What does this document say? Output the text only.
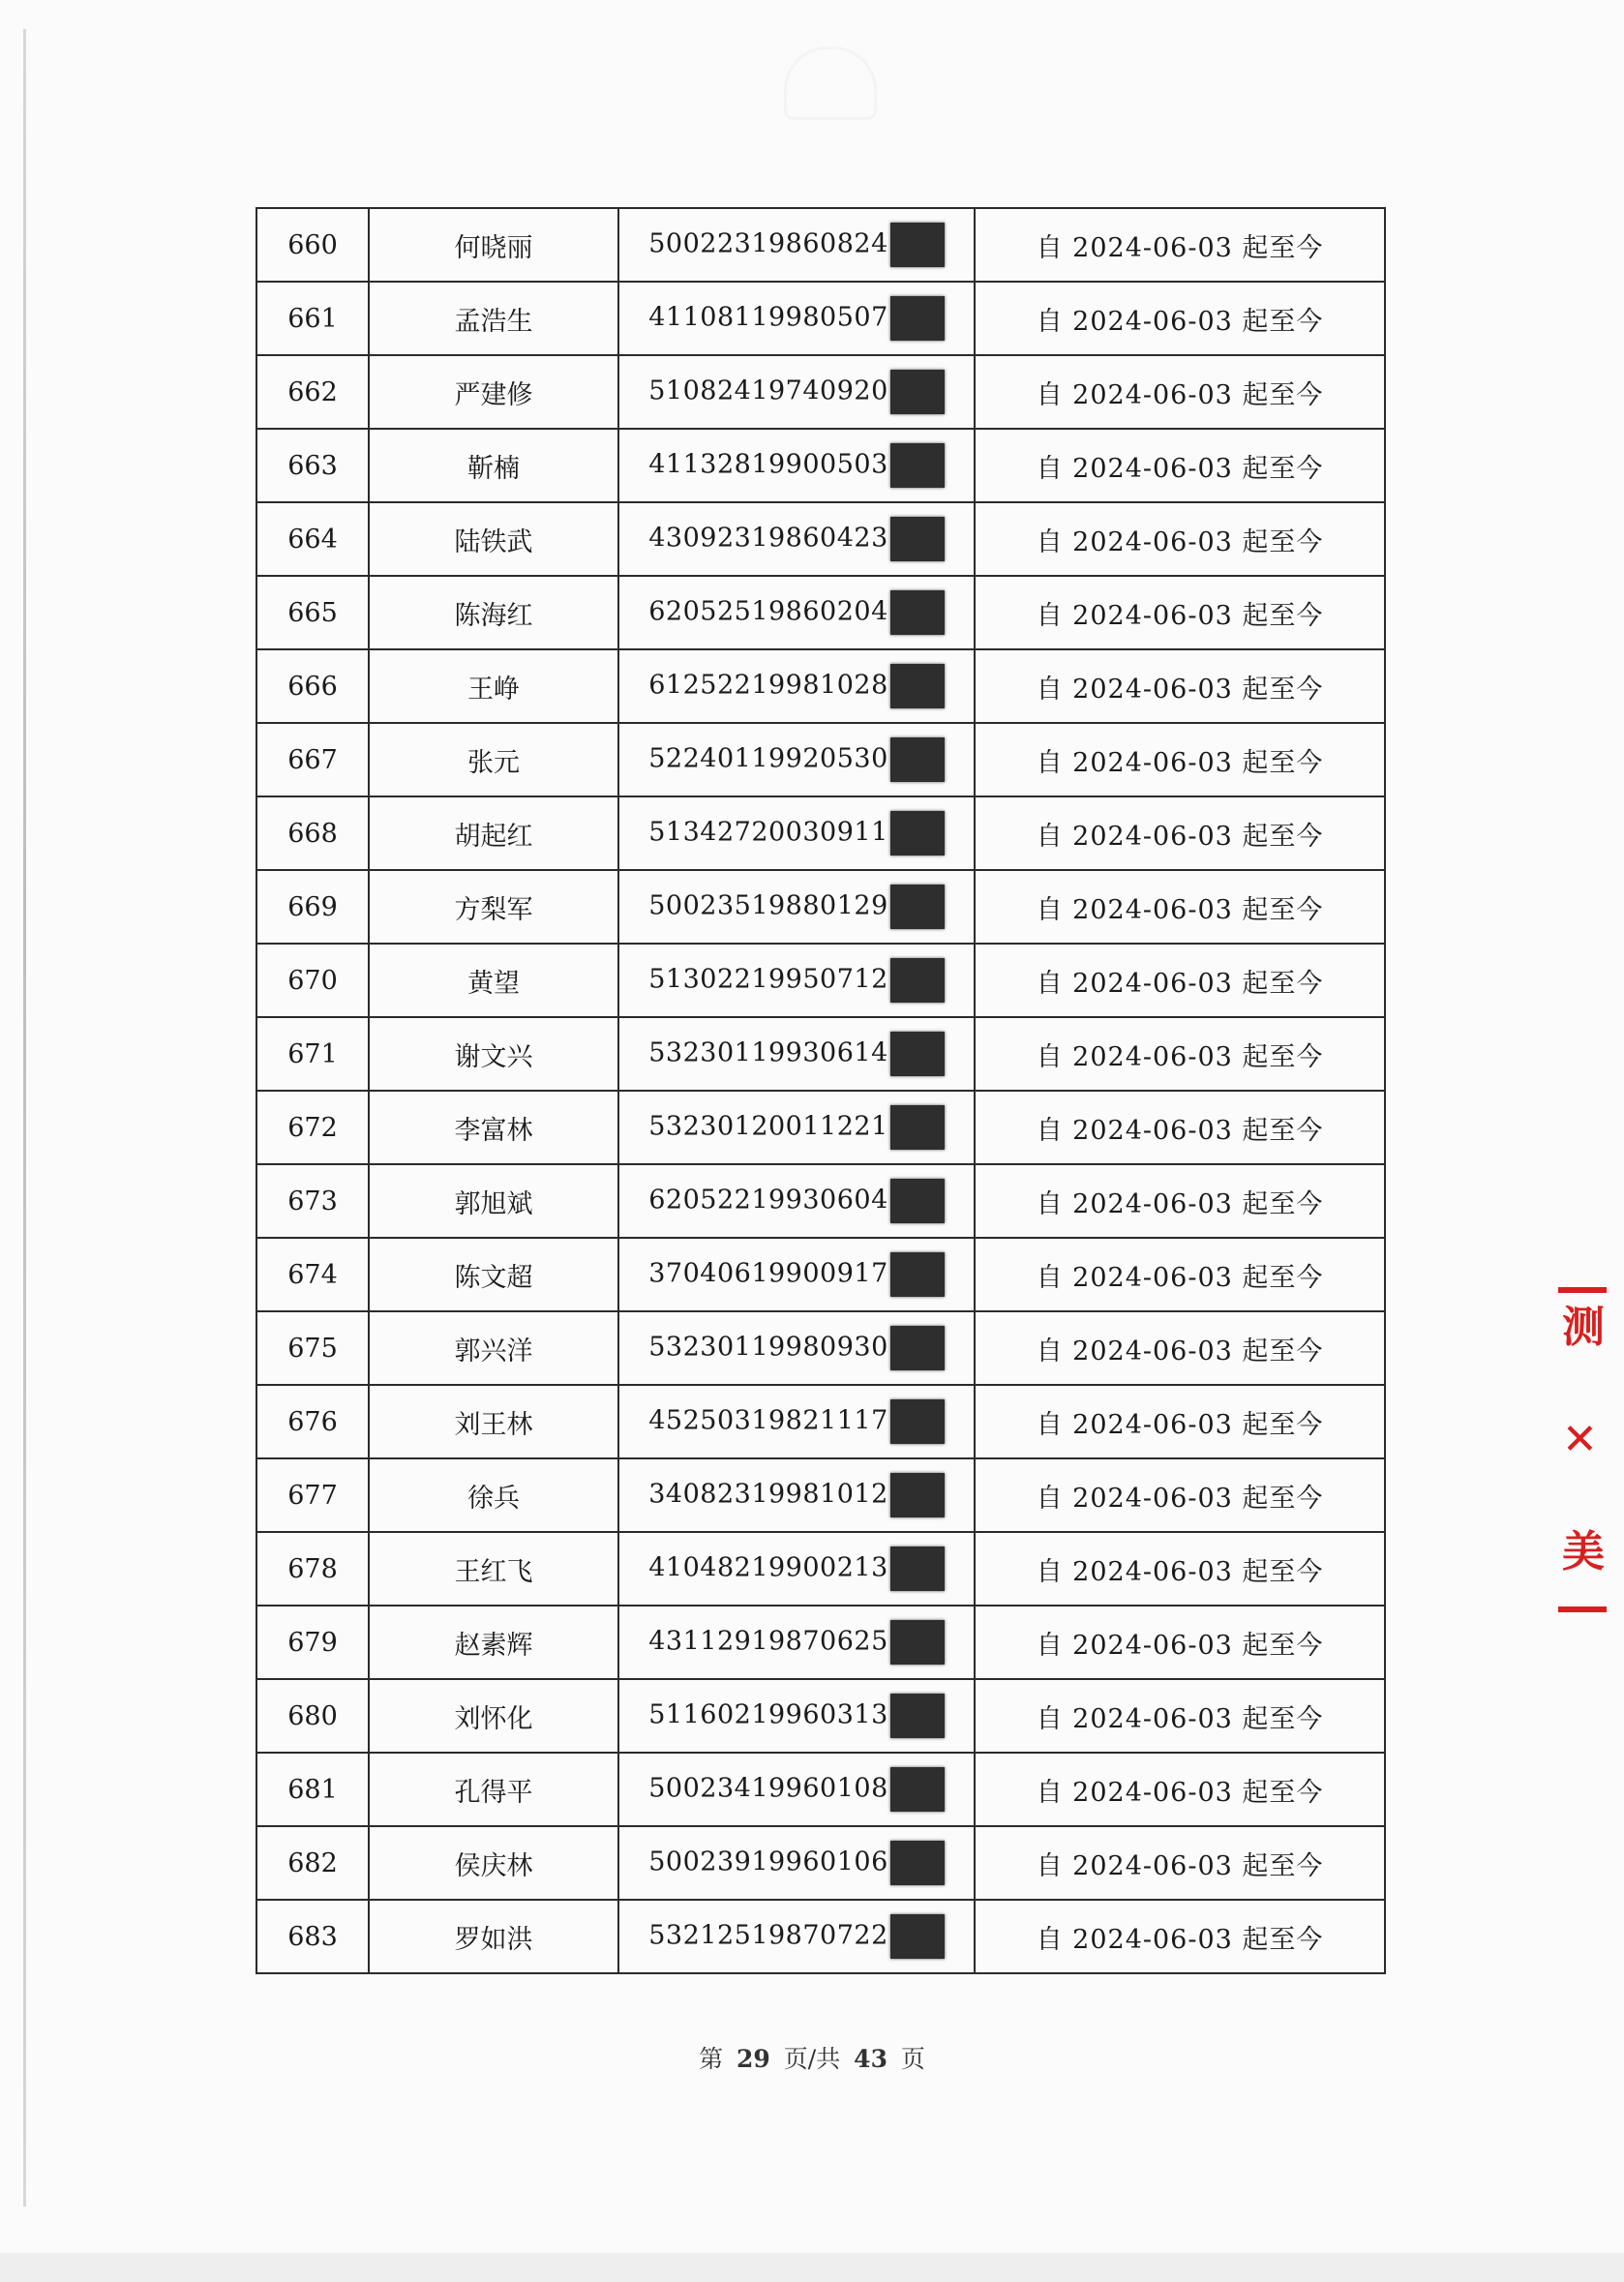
660	何晓丽	50022319860824	自 2024-06-03 起至今
661	孟浩生	41108119980507	自 2024-06-03 起至今
662	严建修	51082419740920	自 2024-06-03 起至今
663	靳楠	41132819900503	自 2024-06-03 起至今
664	陆铁武	43092319860423	自 2024-06-03 起至今
665	陈海红	62052519860204	自 2024-06-03 起至今
666	王峥	61252219981028	自 2024-06-03 起至今
667	张元	52240119920530	自 2024-06-03 起至今
668	胡起红	51342720030911	自 2024-06-03 起至今
669	方梨军	50023519880129	自 2024-06-03 起至今
670	黄望	51302219950712	自 2024-06-03 起至今
671	谢文兴	53230119930614	自 2024-06-03 起至今
672	李富林	53230120011221	自 2024-06-03 起至今
673	郭旭斌	62052219930604	自 2024-06-03 起至今
674	陈文超	37040619900917	自 2024-06-03 起至今
675	郭兴洋	53230119980930	自 2024-06-03 起至今
676	刘王林	45250319821117	自 2024-06-03 起至今
677	徐兵	34082319981012	自 2024-06-03 起至今
678	王红飞	41048219900213	自 2024-06-03 起至今
679	赵素辉	43112919870625	自 2024-06-03 起至今
680	刘怀化	51160219960313	自 2024-06-03 起至今
681	孔得平	50023419960108	自 2024-06-03 起至今
682	侯庆林	50023919960106	自 2024-06-03 起至今
683	罗如洪	53212519870722	自 2024-06-03 起至今
第 29 页/共 43 页
测
✕
美
